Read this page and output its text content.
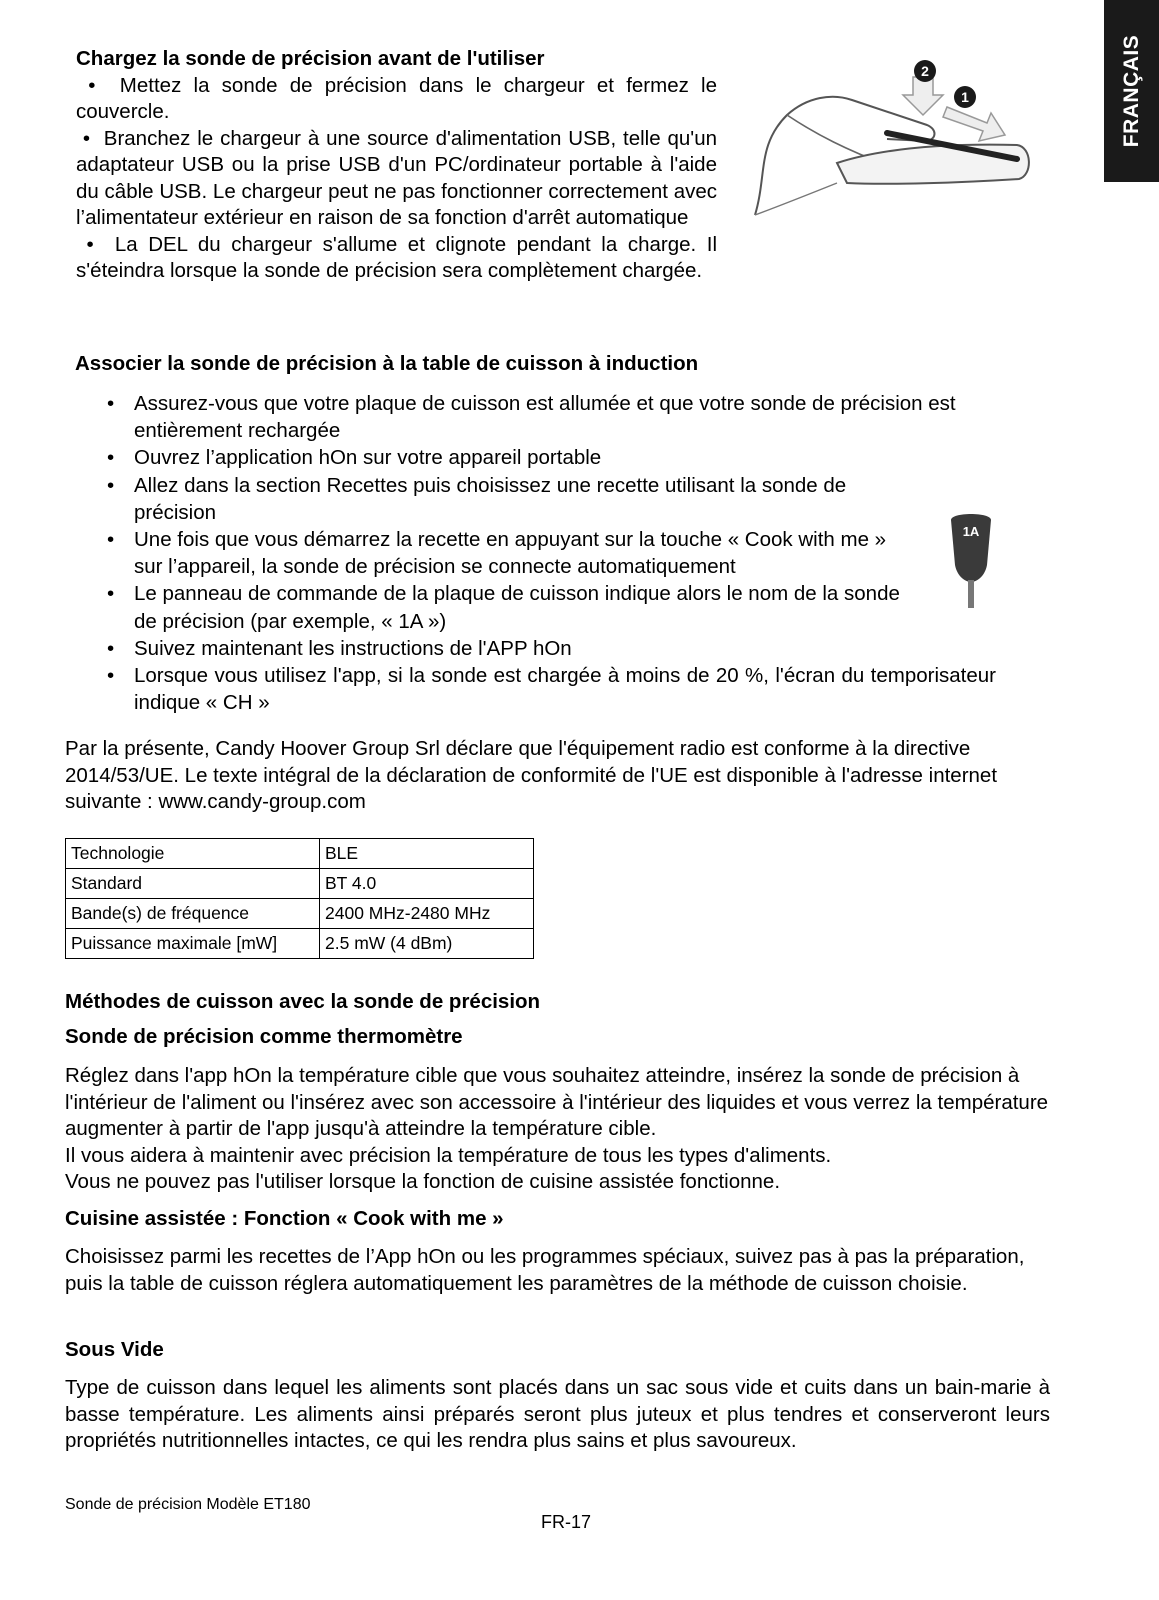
FRANÇAIS

Chargez la sonde de précision avant de l'utiliser

•  Mettez la sonde de précision dans le chargeur et fermez le couvercle.

•  Branchez le chargeur à une source d'alimentation USB, telle qu'un adaptateur USB ou la prise USB d'un PC/ordinateur portable à l'aide du câble USB. Le chargeur peut ne pas fonctionner correctement avec l’alimentateur extérieur en raison de sa fonction d'arrêt automatique

•  La DEL du chargeur s'allume et clignote pendant la charge. Il s'éteindra lorsque la sonde de précision sera complètement chargée.

2
1

Associer la sonde de précision à la table de cuisson à induction

• Assurez-vous que votre plaque de cuisson est allumée et que votre sonde de précision est entièrement rechargée
• Ouvrez l’application hOn sur votre appareil portable
• Allez dans la section Recettes puis choisissez une recette utilisant la sonde de précision
• Une fois que vous démarrez la recette en appuyant sur la touche « Cook with me » sur l’appareil, la sonde de précision se connecte automatiquement
• Le panneau de commande de la plaque de cuisson indique alors le nom de la sonde de précision (par exemple, « 1A »)
• Suivez maintenant les instructions de l'APP hOn
• Lorsque vous utilisez l'app, si la sonde est chargée à moins de 20 %, l'écran du temporisateur indique « CH »
1A

Par la présente, Candy Hoover Group Srl déclare que l'équipement radio est conforme à la directive 2014/53/UE. Le texte intégral de la déclaration de conformité de l'UE est disponible à l'adresse internet suivante : www.candy-group.com

Technologie	BLE
Standard	BT 4.0
Bande(s) de fréquence	2400 MHz-2480 MHz
Puissance maximale [mW]	2.5 mW (4 dBm)

Méthodes de cuisson avec la sonde de précision

Sonde de précision comme thermomètre

Réglez dans l'app hOn la température cible que vous souhaitez atteindre, insérez la sonde de précision à l'intérieur de l'aliment ou l'insérez avec son accessoire à l'intérieur des liquides et vous verrez la température augmenter à partir de l'app jusqu'à atteindre la température cible.

Il vous aidera à maintenir avec précision la température de tous les types d'aliments.

Vous ne pouvez pas l'utiliser lorsque la fonction de cuisine assistée fonctionne.

Cuisine assistée : Fonction « Cook with me »

Choisissez parmi les recettes de l’App hOn ou les programmes spéciaux, suivez pas à pas la préparation, puis la table de cuisson réglera automatiquement les paramètres de la méthode de cuisson choisie.

Sous Vide

Type de cuisson dans lequel les aliments sont placés dans un sac sous vide et cuits dans un bain-marie à basse température. Les aliments ainsi préparés seront plus juteux et plus tendres et conserveront leurs propriétés nutritionnelles intactes, ce qui les rendra plus sains et plus savoureux.

Sonde de précision Modèle ET180
FR-17
